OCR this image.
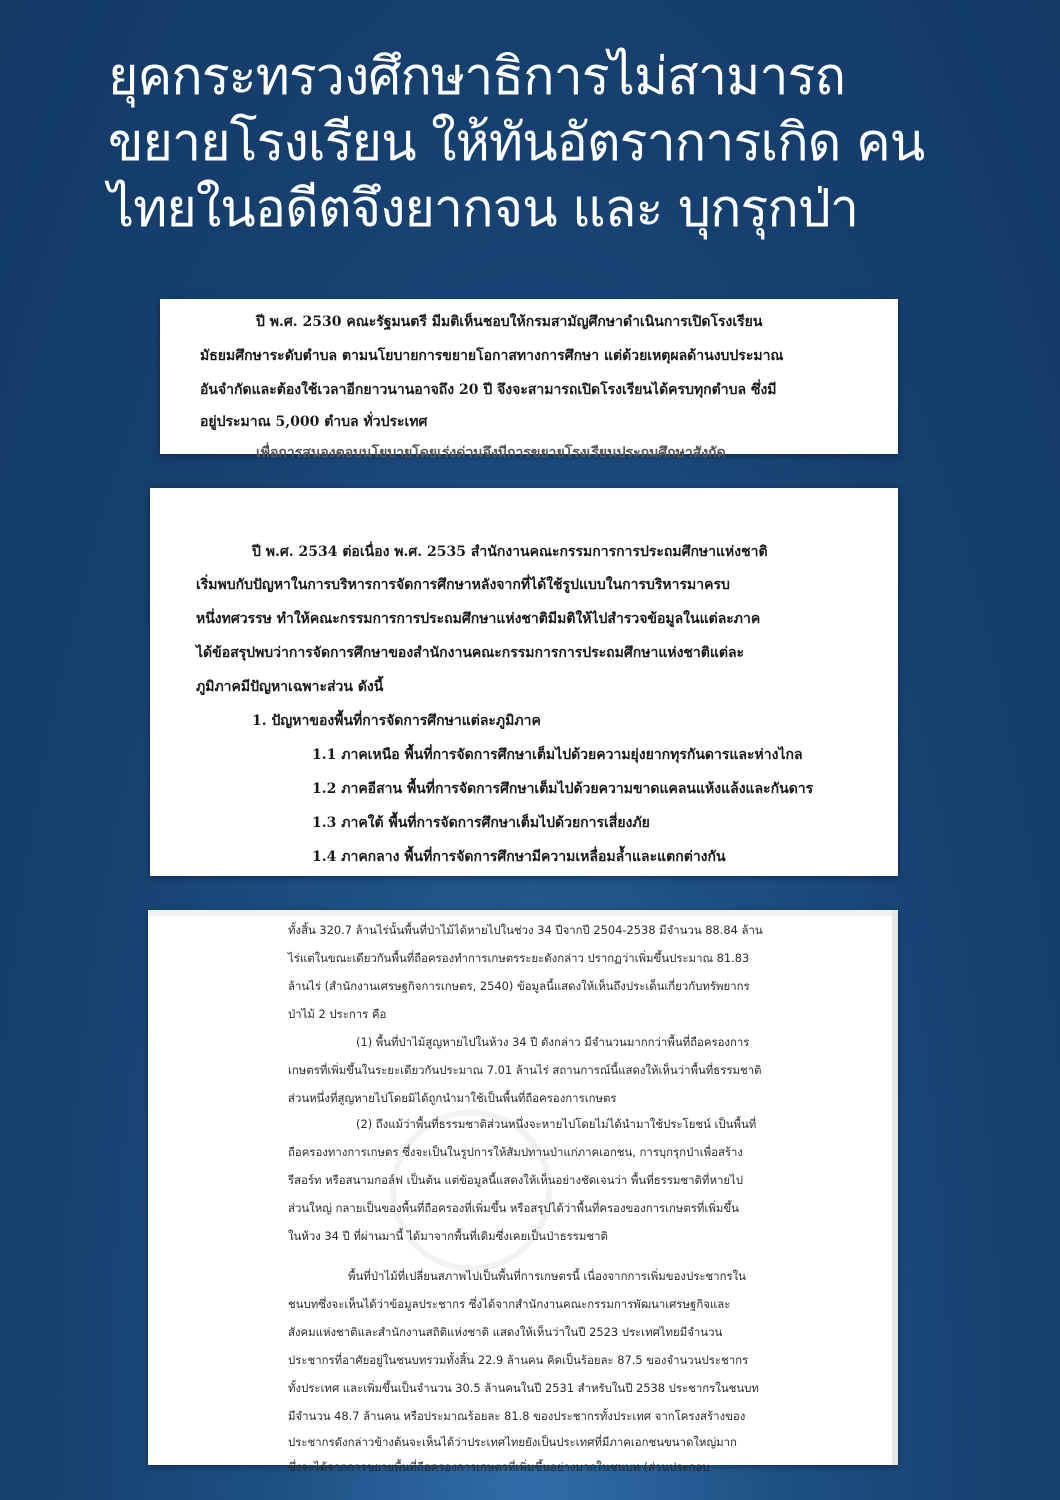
ยุคกระทรวงศึกษาธิการไม่สามารถ
ขยายโรงเรียน ให้ทันอัตราการเกิด คน
ไทยในอดีตจึงยากจน และ บุกรุกป่า
ปี พ.ศ. 2530 คณะรัฐมนตรี มีมติเห็นชอบให้กรมสามัญศึกษาดำเนินการเปิดโรงเรียน
มัธยมศึกษาระดับตำบล ตามนโยบายการขยายโอกาสทางการศึกษา แต่ด้วยเหตุผลด้านงบประมาณ
อันจำกัดและต้องใช้เวลาอีกยาวนานอาจถึง 20 ปี จึงจะสามารถเปิดโรงเรียนได้ครบทุกตำบล ซึ่งมี
อยู่ประมาณ 5,000 ตำบล ทั่วประเทศ
เพื่อการสนองตอบนโยบายโดยเร่งด่วนจึงมีการขยายโรงเรียนประถมศึกษาสังกัด
ปี พ.ศ. 2534 ต่อเนื่อง พ.ศ. 2535 สำนักงานคณะกรรมการการประถมศึกษาแห่งชาติ
เริ่มพบกับปัญหาในการบริหารการจัดการศึกษาหลังจากที่ได้ใช้รูปแบบในการบริหารมาครบ
หนึ่งทศวรรษ ทำให้คณะกรรมการการประถมศึกษาแห่งชาติมีมติให้ไปสำรวจข้อมูลในแต่ละภาค
ได้ข้อสรุปพบว่าการจัดการศึกษาของสำนักงานคณะกรรมการการประถมศึกษาแห่งชาติแต่ละ
ภูมิภาคมีปัญหาเฉพาะส่วน ดังนี้
1. ปัญหาของพื้นที่การจัดการศึกษาแต่ละภูมิภาค
1.1 ภาคเหนือ พื้นที่การจัดการศึกษาเต็มไปด้วยความยุ่งยากทุรกันดารและห่างไกล
1.2 ภาคอีสาน พื้นที่การจัดการศึกษาเต็มไปด้วยความขาดแคลนแห้งแล้งและกันดาร
1.3 ภาคใต้ พื้นที่การจัดการศึกษาเต็มไปด้วยการเสี่ยงภัย
1.4 ภาคกลาง พื้นที่การจัดการศึกษามีความเหลื่อมล้ำและแตกต่างกัน
ทั้งสิ้น 320.7 ล้านไร่นั้นพื้นที่ป่าไม้ได้หายไปในช่วง 34 ปีจากปี 2504-2538 มีจำนวน 88.84 ล้าน
ไร่แต่ในขณะเดียวกันพื้นที่ถือครองทำการเกษตรระยะดังกล่าว ปรากฏว่าเพิ่มขึ้นประมาณ 81.83
ล้านไร่ (สำนักงานเศรษฐกิจการเกษตร, 2540) ข้อมูลนี้แสดงให้เห็นถึงประเด็นเกี่ยวกับทรัพยากร
ป่าไม้ 2 ประการ คือ
(1) พื้นที่ป่าไม้สูญหายไปในห้วง 34 ปี ดังกล่าว มีจำนวนมากกว่าพื้นที่ถือครองการ
เกษตรที่เพิ่มขึ้นในระยะเดียวกันประมาณ 7.01 ล้านไร่ สถานการณ์นี้แสดงให้เห็นว่าพื้นที่ธรรมชาติ
ส่วนหนึ่งที่สูญหายไปโดยมิได้ถูกนำมาใช้เป็นพื้นที่ถือครองการเกษตร
(2) ถึงแม้ว่าพื้นที่ธรรมชาติส่วนหนึ่งจะหายไปโดยไม่ได้นำมาใช้ประโยชน์ เป็นพื้นที่
ถือครองทางการเกษตร ซึ่งจะเป็นในรูปการให้สัมปทานป่าแก่ภาคเอกชน, การบุกรุกป่าเพื่อสร้าง
รีสอร์ท หรือสนามกอล์ฟ เป็นต้น แต่ข้อมูลนี้แสดงให้เห็นอย่างชัดเจนว่า พื้นที่ธรรมชาติที่หายไป
ส่วนใหญ่ กลายเป็นของพื้นที่ถือครองที่เพิ่มขึ้น หรือสรุปได้ว่าพื้นที่ครองของการเกษตรที่เพิ่มขึ้น
ในห้วง 34 ปี ที่ผ่านมานี้ ได้มาจากพื้นที่เดิมซึ่งเคยเป็นป่าธรรมชาติ
พื้นที่ป่าไม้ที่เปลี่ยนสภาพไปเป็นพื้นที่การเกษตรนี้ เนื่องจากการเพิ่มของประชากรใน
ชนบทซึ่งจะเห็นได้ว่าข้อมูลประชากร ซึ่งได้จากสำนักงานคณะกรรมการพัฒนาเศรษฐกิจและ
สังคมแห่งชาติและสำนักงานสถิติแห่งชาติ แสดงให้เห็นว่าในปี 2523 ประเทศไทยมีจำนวน
ประชากรที่อาศัยอยู่ในชนบทรวมทั้งสิ้น 22.9 ล้านคน คิดเป็นร้อยละ 87.5 ของจำนวนประชากร
ทั้งประเทศ และเพิ่มขึ้นเป็นจำนวน 30.5 ล้านคนในปี 2531 สำหรับในปี 2538 ประชากรในชนบท
มีจำนวน 48.7 ล้านคน หรือประมาณร้อยละ 81.8 ของประชากรทั้งประเทศ จากโครงสร้างของ
ประชากรดังกล่าวข้างต้นจะเห็นได้ว่าประเทศไทยยังเป็นประเทศที่มีภาคเอกชนขนาดใหญ่มาก
ซึ่งจะได้จากการขยายพื้นที่ถือครองการเกษตรที่เพิ่มขึ้นอย่างมากในชนบท (ส่วนประกอบ
